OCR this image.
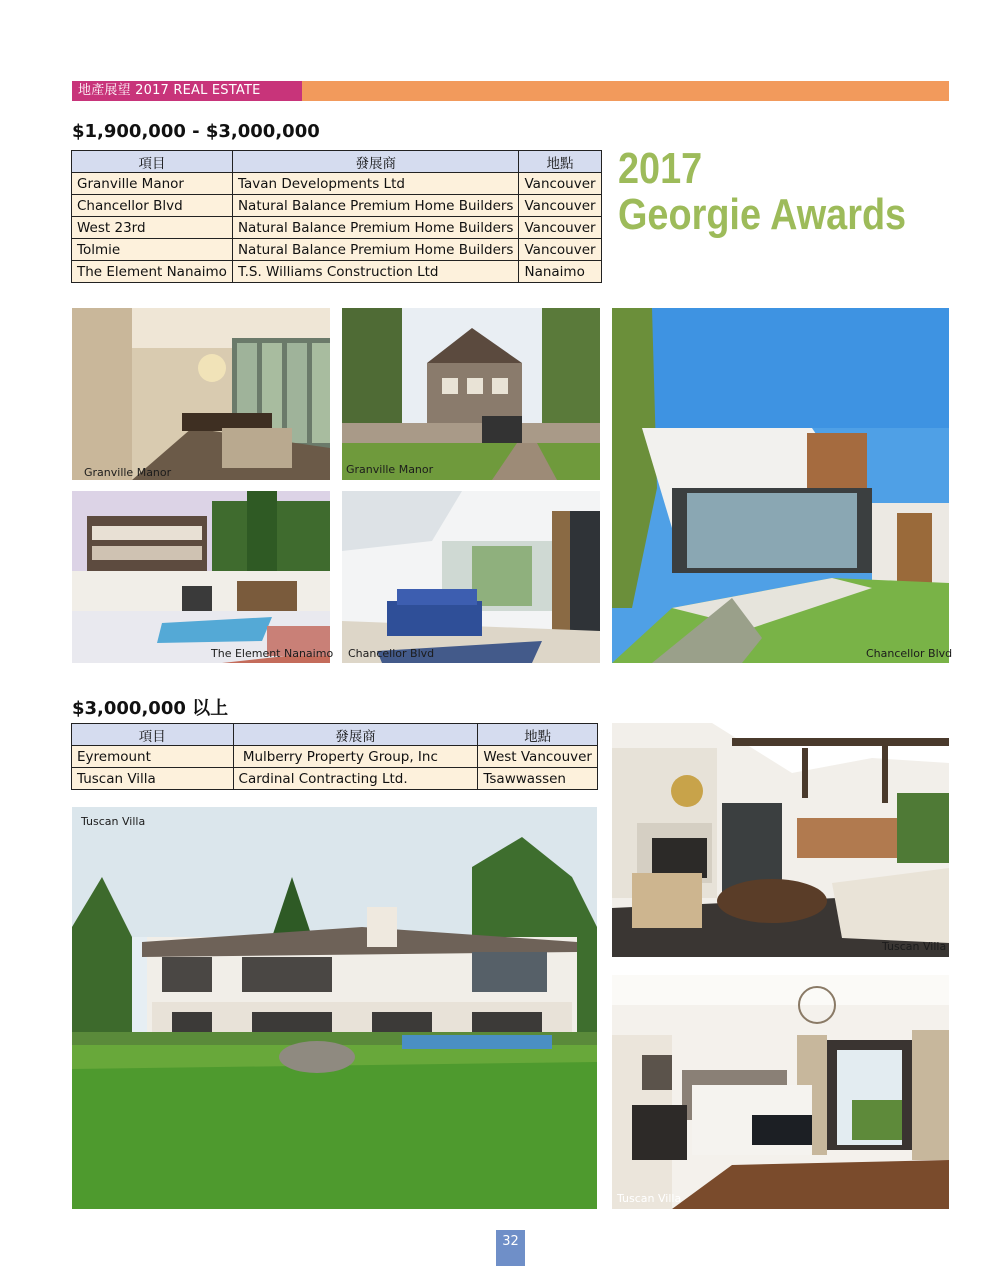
地產展望 2017 REAL ESTATE OUTLOOK
$1,900,000 - $3,000,000
項目	發展商	地點
Granville Manor	Tavan Developments Ltd	Vancouver
Chancellor Blvd	Natural Balance Premium Home Builders	Vancouver
West 23rd	Natural Balance Premium Home Builders	Vancouver
Tolmie	Natural Balance Premium Home Builders	Vancouver
The Element Nanaimo	T.S. Williams Construction Ltd	Nanaimo
2017
Georgie Awards
Granville Manor	Granville Manor
The Element Nanaimo Chancellor Blvd	Chancellor Blvd
$3,000,000 以上
項目	發展商	地點
Eyremount	Mulberry Property Group, Inc	West Vancouver
Tuscan Villa	Cardinal Contracting Ltd.	Tsawwassen
Tuscan Villa
Tuscan Villa
Tuscan Villa
32
